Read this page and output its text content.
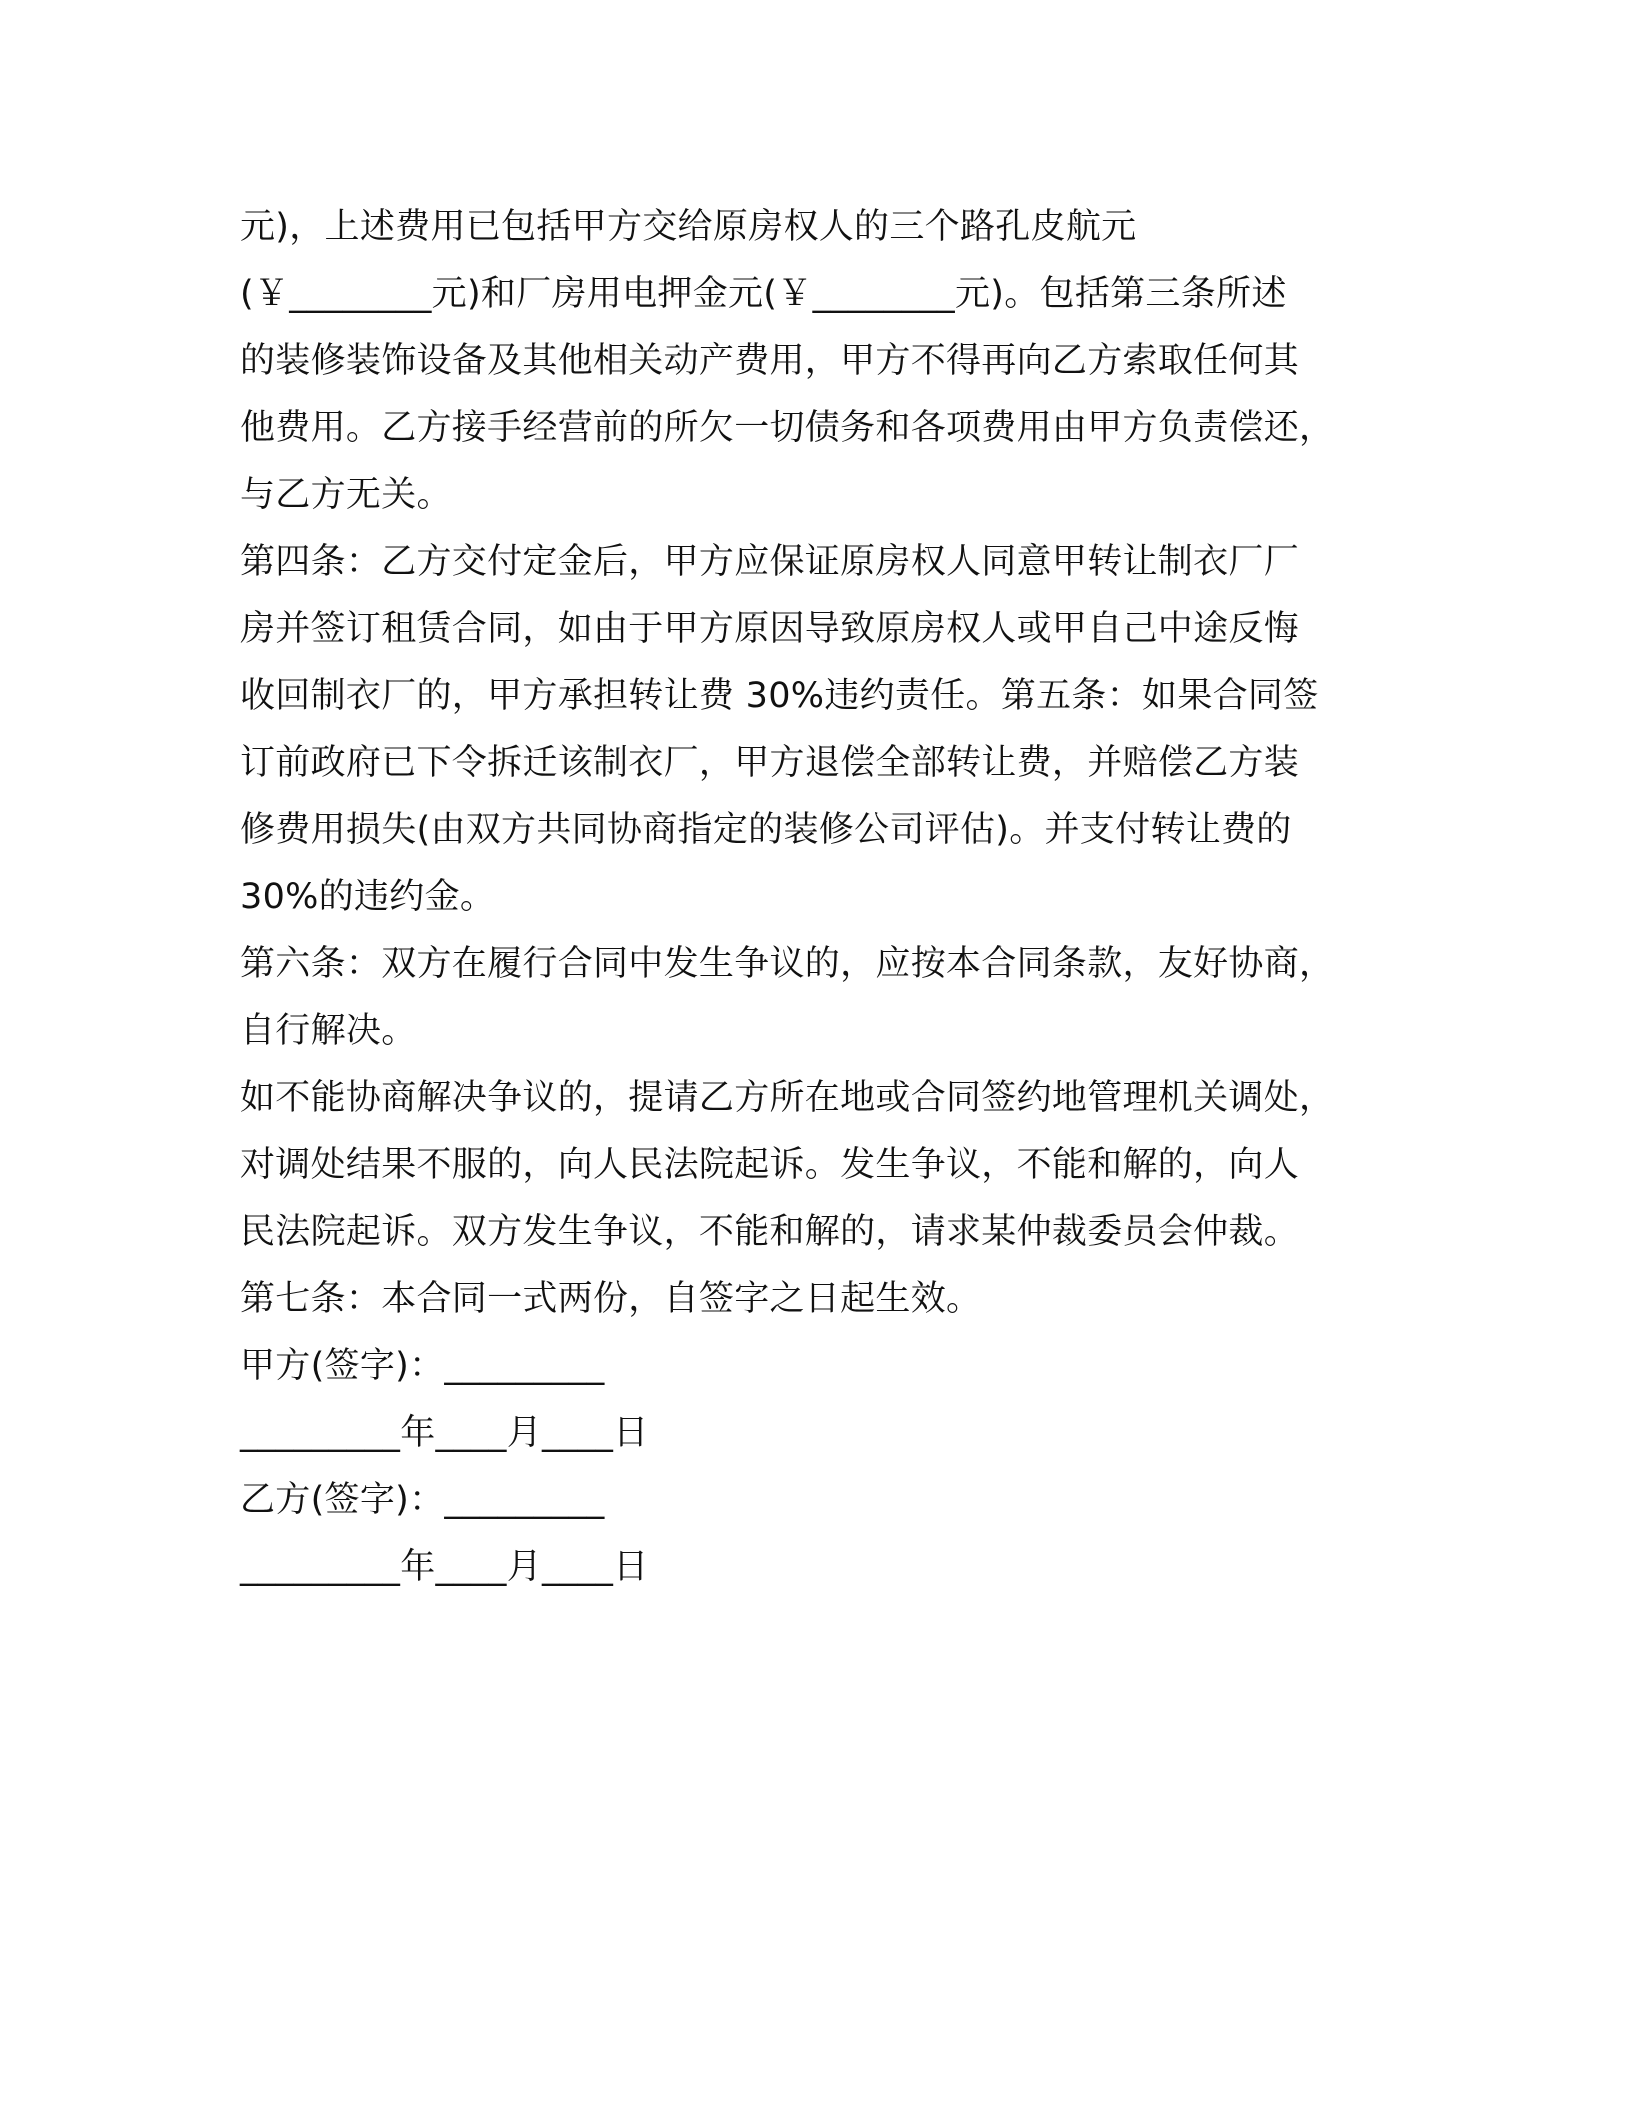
元)，上述费用已包括甲方交给原房权人的三个路孔皮航元
(￥________元)和厂房用电押金元(￥________元)。包括第三条所述
的装修装饰设备及其他相关动产费用，甲方不得再向乙方索取任何其
他费用。乙方接手经营前的所欠一切债务和各项费用由甲方负责偿还，
与乙方无关。
第四条：乙方交付定金后，甲方应保证原房权人同意甲转让制衣厂厂
房并签订租赁合同，如由于甲方原因导致原房权人或甲自己中途反悔
收回制衣厂的，甲方承担转让费 30%违约责任。第五条：如果合同签
订前政府已下令拆迁该制衣厂，甲方退偿全部转让费，并赔偿乙方装
修费用损失(由双方共同协商指定的装修公司评估)。并支付转让费的
30%的违约金。
第六条：双方在履行合同中发生争议的，应按本合同条款，友好协商，
自行解决。
如不能协商解决争议的，提请乙方所在地或合同签约地管理机关调处，
对调处结果不服的，向人民法院起诉。发生争议，不能和解的，向人
民法院起诉。双方发生争议，不能和解的，请求某仲裁委员会仲裁。
第七条：本合同一式两份，自签字之日起生效。
甲方(签字)：_________
_________年____月____日
乙方(签字)：_________
_________年____月____日
